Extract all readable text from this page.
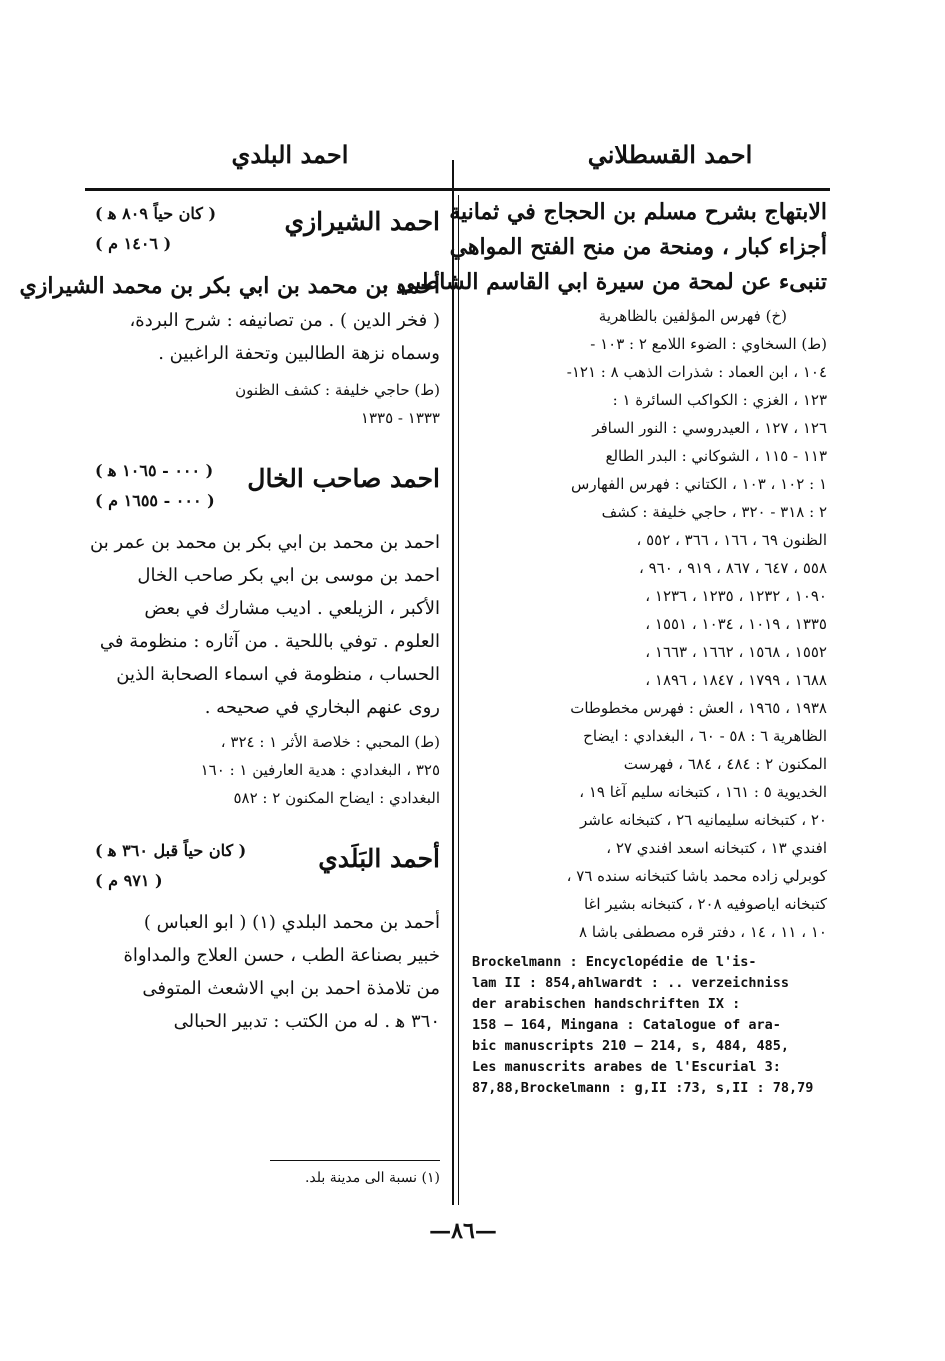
احمد القسطلاني
احمد البلدي
الابتهاج بشرح مسلم بن الحجاج في ثمانية
أجزاء كبار ، ومنحة من منح الفتح المواهي
تنبىء عن لمحة من سيرة ابي القاسم الشاطبي .
(خ) فهرس المؤلفين بالظاهرية
(ط) السخاوي : الضوء اللامع ٢ : ١٠٣ -
١٠٤ ، ابن العماد : شذرات الذهب ٨ : ١٢١-
١٢٣ ، الغزي : الكواكب السائرة ١ :
١٢٦ ، ١٢٧ ، العيدروسي : النور السافر
١١٣ - ١١٥ ، الشوكاني : البدر الطالع
١ : ١٠٢ ، ١٠٣ ، الكتاني : فهرس الفهارس
٢ : ٣١٨ - ٣٢٠ ، حاجي خليفة : كشف
الظنون ٦٩ ، ١٦٦ ، ٣٦٦ ، ٥٥٢ ،
٥٥٨ ، ٦٤٧ ، ٨٦٧ ، ٩١٩ ، ٩٦٠ ،
١٠٩٠ ، ١٢٣٢ ، ١٢٣٥ ، ١٢٣٦ ،
١٣٣٥ ، ١٠١٩ ، ١٠٣٤ ، ١٥٥١ ،
١٥٥٢ ، ١٥٦٨ ، ١٦٦٢ ، ١٦٦٣ ،
١٦٨٨ ، ١٧٩٩ ، ١٨٤٧ ، ١٨٩٦ ،
١٩٣٨ ، ١٩٦٥ ، العش : فهرس مخطوطات
الظاهرية ٦ : ٥٨ - ٦٠ ، البغدادي : ايضاح
المكنون ٢ : ٤٨٤ ، ٦٨٤ ، فهرست
الخديوية ٥ : ١٦١ ، كتبخانه سليم آغا ١٩ ،
٢٠ ، كتبخانه سليمانيه ٢٦ ، كتبخانه عاشر
افندي ١٣ ، كتبخانه اسعد افندي ٢٧ ،
كوبرلي زاده محمد باشا كتبخانه سنده ٧٦ ،
كتبخانه اياصوفيه ٢٠٨ ، كتبخانه بشير اغا
١٠ ، ١١ ، ١٤ ، دفتر قره مصطفى باشا ٨
Brockelmann : Encyclopédie de l'is-
lam II : 854,ahlwardt : .. verzeichniss
der arabischen handschriften IX :
158 — 164, Mingana : Catalogue of ara-
bic manuscripts 210 — 214, s, 484, 485,
Les manuscrits arabes de l'Escurial 3:
87,88,Brockelmann : g,II :73, s,II : 78,79
احمد الشيرازي
( كان حياً ٨٠٩ ﻫ )
( ١٤٠٦ م )
أحمد بن محمد بن ابي بكر بن محمد الشيرازي
( فخر الدين ) . من تصانيفه : شرح البردة،
وسماه نزهة الطالبين وتحفة الراغبين .
(ط) حاجي خليفة : كشف الظنون
١٣٣٣ - ١٣٣٥
احمد صاحب الخال
( ٠٠٠ - ١٠٦٥ ﻫ )
( ٠٠٠ - ١٦٥٥ م )
احمد بن محمد بن ابي بكر بن محمد بن عمر بن
احمد بن موسى بن ابي بكر صاحب الخال
الأكبر ، الزيلعي . اديب مشارك في بعض
العلوم . توفي باللحية . من آثاره : منظومة في
الحساب ، منظومة في اسماء الصحابة الذين
روى عنهم البخاري في صحيحه .
(ط) المحبي : خلاصة الأثر ١ : ٣٢٤ ،
٣٢٥ ، البغدادي : هدية العارفين ١ : ١٦٠
البغدادي : ايضاح المكنون ٢ : ٥٨٢
أحمد البَلَدي
( كان حياً قبل ٣٦٠ ﻫ )
( ٩٧١ م )
أحمد بن محمد البلدي (١) ( ابو العباس )
خبير بصناعة الطب ، حسن العلاج والمداواة
من تلامذة احمد بن ابي الاشعث المتوفى
٣٦٠ ﻫ . له من الكتب : تدبير الحبالى
(١) نسبة الى مدينة بلد.
—٨٦—
